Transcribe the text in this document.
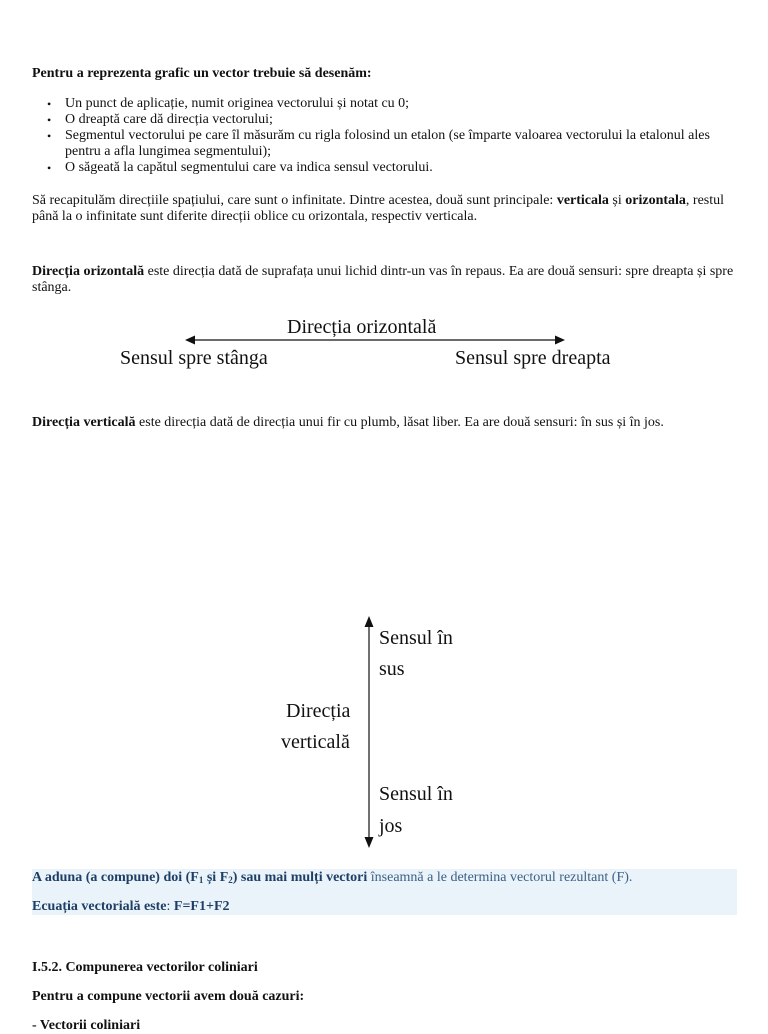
Pentru a reprezenta grafic un vector trebuie să desenăm:

• Un punct de aplicație, numit originea vectorului și notat cu 0;
• O dreaptă care dă direcția vectorului;
• Segmentul vectorului pe care îl măsurăm cu rigla folosind un etalon (se împarte valoarea vectorului la etalonul ales pentru a afla lungimea segmentului);
• O săgeată la capătul segmentului care va indica sensul vectorului.

Să recapitulăm direcțiile spațiului, care sunt o infinitate. Dintre acestea, două sunt principale: verticala și orizontala, restul până la o infinitate sunt diferite direcții oblice cu orizontala, respectiv verticala.

Direcția orizontală este direcția dată de suprafața unui lichid dintr-un vas în repaus. Ea are două sensuri: spre dreapta și spre stânga.

Direcția orizontală
Sensul spre stânga	Sensul spre dreapta

Direcția verticală este direcția dată de direcția unui fir cu plumb, lăsat liber. Ea are două sensuri: în sus și în jos.

Sensul în
sus
Direcția
verticală
Sensul în
jos

A aduna (a compune) doi ($F_1$ și $F_2$) sau mai mulți vectori înseamnă a le determina vectorul rezultant (F).

Ecuația vectorială este: F=F1+F2

I.5.2. Compunerea vectorilor coliniari

Pentru a compune vectorii avem două cazuri:

- Vectorii coliniari
